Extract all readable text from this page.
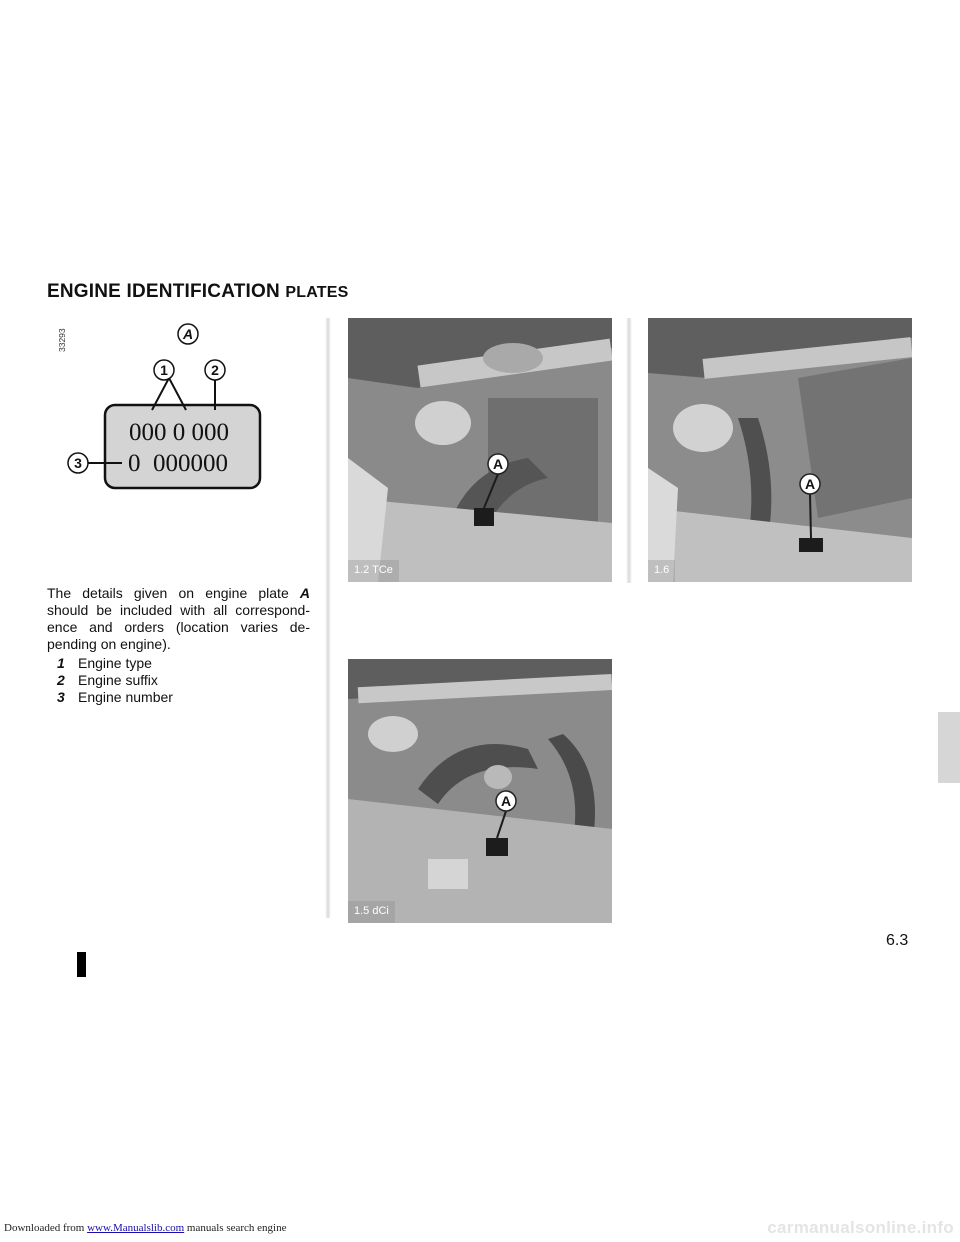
Downloaded from www.Manualslib.com manuals search engine	carmanualsonline.info
ENGINE IDENTIFICATION PLATES
33293	A
1	2
3
000 0 000
0  000000	A
1.2 TCe
A
1.6
A
1.5 dCi
The details given on engine plate A should be included with all correspond-ence and orders (location varies de-pending on engine).
1 Engine type
2 Engine suffix
3 Engine number
6.3
